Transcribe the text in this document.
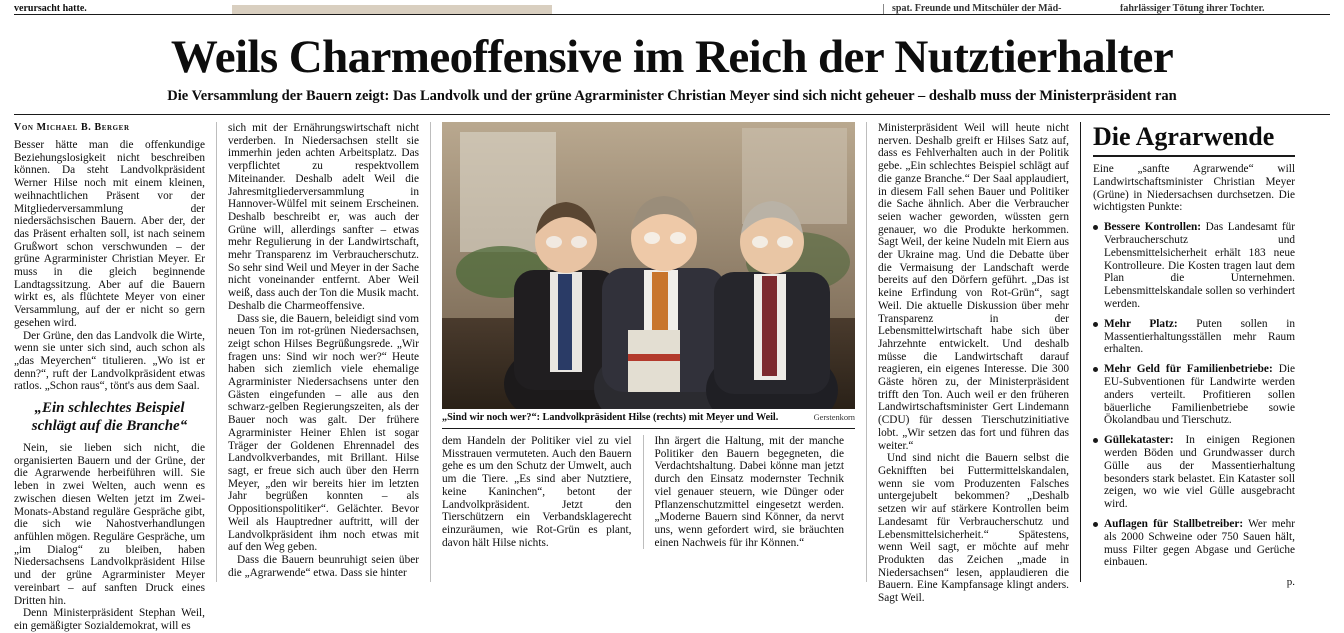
verursacht hatte.	spat. Freunde und Mitschüler der Mäd-	fahrlässiger Tötung ihrer Tochter.
Weils Charmeoffensive im Reich der Nutztierhalter
Die Versammlung der Bauern zeigt: Das Landvolk und der grüne Agrarminister Christian Meyer sind sich nicht geheuer – deshalb muss der Ministerpräsident ran
Von Michael B. Berger

Besser hätte man die offenkundige Beziehungslosigkeit nicht beschreiben können. Da steht Landvolkpräsident Werner Hilse noch mit einem kleinen, weihnachtlichen Präsent vor der Mitgliederversammlung der niedersächsischen Bauern. Aber der, der das Präsent erhalten soll, ist nach seinem Grußwort schon verschwunden – der grüne Agrarminister Christian Meyer. Er muss in die gleich beginnende Landtagssitzung. Aber auf die Bauern wirkt es, als flüchtete Meyer von einer Versammlung, auf der er nicht so gern gesehen wird.

Der Grüne, den das Landvolk die Wirte, wenn sie unter sich sind, auch schon als „das Meyerchen“ titulieren. „Wo ist er denn?“, ruft der Landvolkpräsident etwas ratlos. „Schon raus“, tönt's aus dem Saal.

„Ein schlechtes Beispiel schlägt auf die Branche“

Nein, sie lieben sich nicht, die organisierten Bauern und der Grüne, der die Agrarwende herbeiführen will. Sie leben in zwei Welten, auch wenn es zwischen diesen Welten jetzt im Zwei-Monats-Abstand reguläre Gespräche gibt, die sich wie Nahostverhandlungen anfühlen mögen. Reguläre Gespräche, um „im Dialog“ zu bleiben, haben Niedersachsens Landvolkpräsident Hilse und der grüne Agrarminister Meyer vereinbart – auf sanften Druck eines Dritten hin.

Denn Ministerpräsident Stephan Weil, ein gemäßigter Sozialdemokrat, will es

sich mit der Ernährungswirtschaft nicht verderben. In Niedersachsen stellt sie immerhin jeden achten Arbeitsplatz. Das verpflichtet zu respektvollem Miteinander. Deshalb adelt Weil die Jahresmitgliederversammlung in Hannover-Wülfel mit seinem Erscheinen. Deshalb beschreibt er, was auch der Grüne will, allerdings sanfter – etwas mehr Regulierung in der Landwirtschaft, mehr Transparenz im Verbraucherschutz. So sehr sind Weil und Meyer in der Sache nicht voneinander entfernt. Aber Weil weiß, dass auch der Ton die Musik macht. Deshalb die Charmeoffensive.

Dass sie, die Bauern, beleidigt sind vom neuen Ton im rot-grünen Niedersachsen, zeigt schon Hilses Begrüßungsrede. „Wir fragen uns: Sind wir noch wer?“ Heute haben sich ziemlich viele ehemalige Agrarminister Niedersachsens unter den Gästen eingefunden – alle aus den schwarz-gelben Regierungszeiten, als der Bauer noch was galt. Der frühere Agrarminister Heiner Ehlen ist sogar Träger der Goldenen Ehrennadel des Landvolkverbandes, mit Brillant. Hilse sagt, er freue sich auch über den Herrn Meyer, „den wir bereits hier im letzten Jahr begrüßen konnten – als Oppositionspolitiker“. Gelächter. Bevor Weil als Hauptredner auftritt, will der Landvolkpräsident ihm noch etwas mit auf den Weg geben.

Dass die Bauern beunruhigt seien über die „Agrarwende“ etwa. Dass sie hinter

„Sind wir noch wer?“: Landvolkpräsident Hilse (rechts) mit Meyer und Weil.	Gerstenkorn

dem Handeln der Politiker viel zu viel Misstrauen vermuteten. Auch den Bauern gehe es um den Schutz der Umwelt, auch um die Tiere. „Es sind aber Nutztiere, keine Kaninchen“, betont der Landvolkpräsident. Jetzt den Tierschützern ein Verbandsklagerecht einzuräumen, wie Rot-Grün es plant, davon hält Hilse nichts.

Ihn ärgert die Haltung, mit der manche Politiker den Bauern begegneten, die Verdachtshaltung. Dabei könne man jetzt durch den Einsatz modernster Technik viel genauer steuern, wie Dünger oder Pflanzenschutzmittel eingesetzt werden. „Moderne Bauern sind Könner, da nervt uns, wenn gefordert wird, sie bräuchten einen Nachweis für ihr Können.“

Ministerpräsident Weil will heute nicht nerven. Deshalb greift er Hilses Satz auf, dass es Fehlverhalten auch in der Politik gebe. „Ein schlechtes Beispiel schlägt auf die ganze Branche.“ Der Saal applaudiert, in diesem Fall sehen Bauer und Politiker die Sache ähnlich. Aber die Verbraucher seien wacher geworden, wüssten gern genauer, wo die Produkte herkommen. Sagt Weil, der keine Nudeln mit Eiern aus der Ukraine mag. Und die Debatte über die Vermaisung der Landschaft werde bereits auf den Dörfern geführt. „Das ist keine Erfindung von Rot-Grün“, sagt Weil. Die aktuelle Diskussion über mehr Transparenz in der Lebensmittelwirtschaft habe sich über Jahrzehnte entwickelt. Und deshalb müsse die Landwirtschaft darauf reagieren, ein eigenes Interesse. Die 300 Gäste hören zu, der Ministerpräsident trifft den Ton. Auch weil er den früheren Landwirtschaftsminister Gert Lindemann (CDU) für dessen Tierschutzinitiative lobt. „Wir setzen das fort und führen das weiter.“

Und sind nicht die Bauern selbst die Geknifften bei Futtermittelskandalen, wenn sie vom Produzenten Falsches untergejubelt bekommen? „Deshalb setzen wir auf stärkere Kontrollen beim Landesamt für Verbraucherschutz und Lebensmittelsicherheit.“ Spätestens, wenn Weil sagt, er möchte auf mehr Produkten das Zeichen „made in Niedersachsen“ lesen, applaudieren die Bauern. Eine Kampfansage klingt anders. Sagt Weil.

Die Agrarwende

Eine „sanfte Agrarwende“ will Landwirtschaftsminister Christian Meyer (Grüne) in Niedersachsen durchsetzen. Die wichtigsten Punkte:

Bessere Kontrollen: Das Landesamt für Verbraucherschutz und Lebensmittelsicherheit erhält 183 neue Kontrolleure. Die Kosten tragen laut dem Plan die Unternehmen. Lebensmittelskandale sollen so verhindert werden.
Mehr Platz: Puten sollen in Massentierhaltungsställen mehr Raum erhalten.
Mehr Geld für Familienbetriebe: Die EU-Subventionen für Landwirte werden anders verteilt. Profitieren sollen bäuerliche Familienbetriebe sowie Ökolandbau und Tierschutz.
Güllekataster: In einigen Regionen werden Böden und Grundwasser durch Gülle aus der Massentierhaltung besonders stark belastet. Ein Kataster soll zeigen, wo wie viel Gülle ausgebracht wird.
Auflagen für Stallbetreiber: Wer mehr als 2000 Schweine oder 750 Sauen hält, muss Filter gegen Abgase und Gerüche einbauen.
p.
